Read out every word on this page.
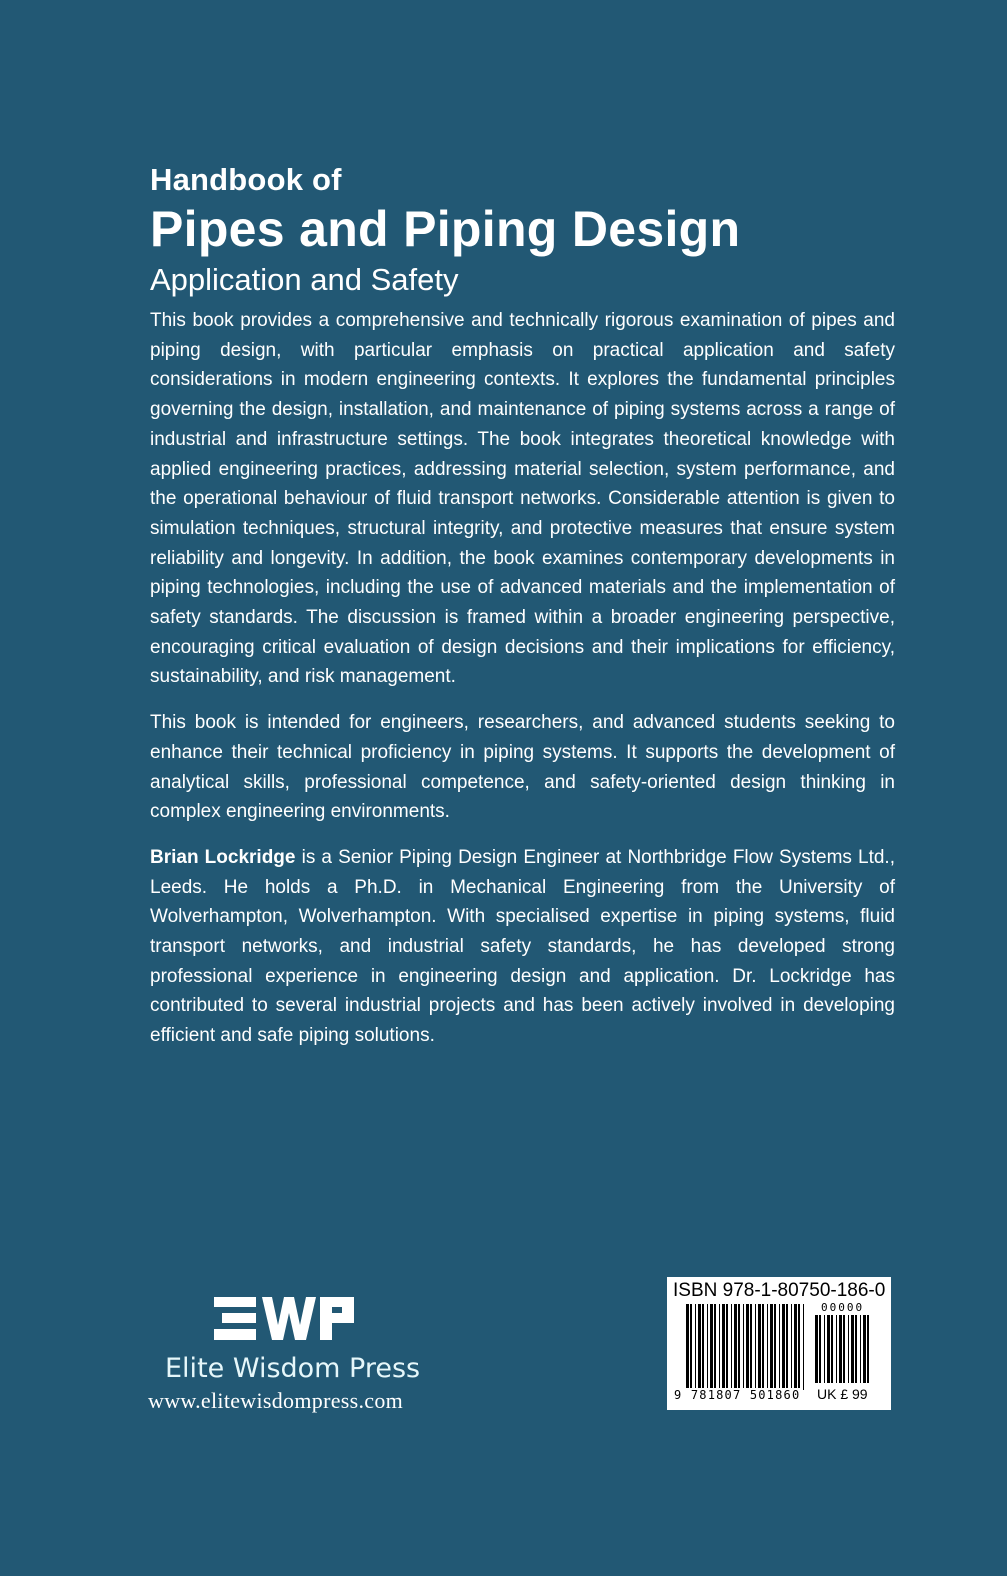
Handbook of

Pipes and Piping Design

Application and Safety

This book provides a comprehensive and technically rigorous examination of pipes and piping design, with particular emphasis on practical application and safety considerations in modern engineering contexts. It explores the fundamental principles governing the design, installation, and maintenance of piping systems across a range of industrial and infrastructure settings. The book integrates theoretical knowledge with applied engineering practices, addressing material selection, system performance, and the operational behaviour of fluid transport networks. Considerable attention is given to simulation techniques, structural integrity, and protective measures that ensure system reliability and longevity. In addition, the book examines contemporary developments in piping technologies, including the use of advanced materials and the implementation of safety standards. The discussion is framed within a broader engineering perspective, encouraging critical evaluation of design decisions and their implications for efficiency, sustainability, and risk management.

This book is intended for engineers, researchers, and advanced students seeking to enhance their technical proficiency in piping systems. It supports the development of analytical skills, professional competence, and safety-oriented design thinking in complex engineering environments.

Brian Lockridge is a Senior Piping Design Engineer at Northbridge Flow Systems Ltd., Leeds. He holds a Ph.D. in Mechanical Engineering from the University of Wolverhampton, Wolverhampton. With specialised expertise in piping systems, fluid transport networks, and industrial safety standards, he has developed strong professional experience in engineering design and application. Dr. Lockridge has contributed to several industrial projects and has been actively involved in developing efficient and safe piping solutions.

Elite Wisdom Press
www.elitewisdompress.com
ISBN 978-1-80750-186-0
00000
9 781807 501860 UK £ 99
